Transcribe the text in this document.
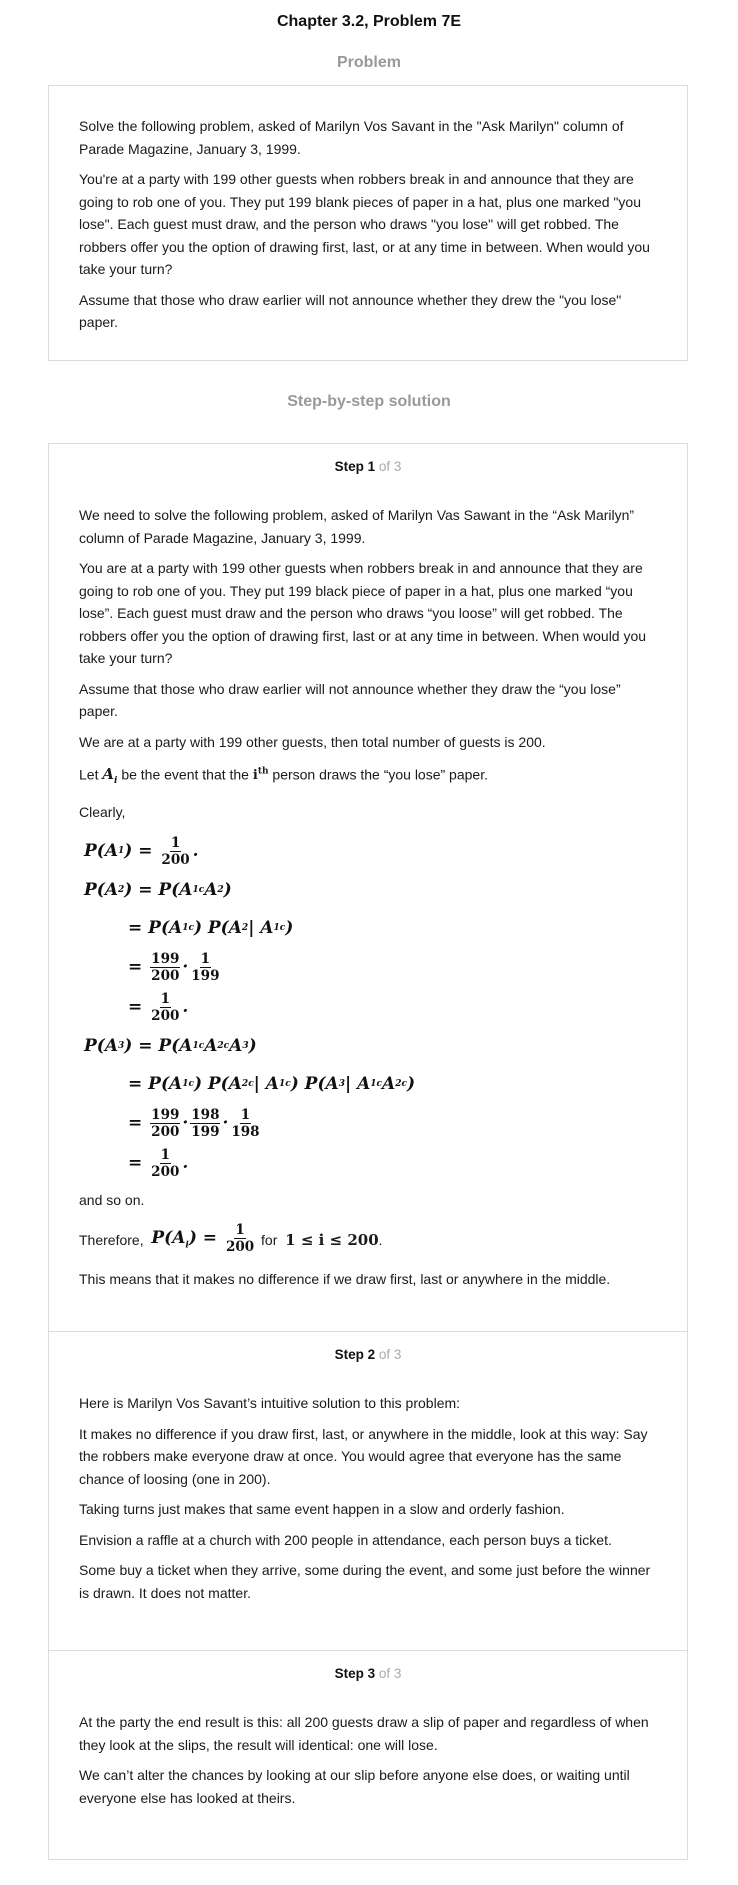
Chapter 3.2, Problem 7E
Problem

Solve the following problem, asked of Marilyn Vos Savant in the "Ask Marilyn" column of Parade Magazine, January 3, 1999.

You're at a party with 199 other guests when robbers break in and announce that they are going to rob one of you. They put 199 blank pieces of paper in a hat, plus one marked "you lose". Each guest must draw, and the person who draws "you lose" will get robbed. The robbers offer you the option of drawing first, last, or at any time in between. When would you take your turn?

Assume that those who draw earlier will not announce whether they drew the "you lose" paper.

Step-by-step solution
Step 1 of 3

We need to solve the following problem, asked of Marilyn Vas Sawant in the “Ask Marilyn” column of Parade Magazine, January 3, 1999.

You are at a party with 199 other guests when robbers break in and announce that they are going to rob one of you. They put 199 black piece of paper in a hat, plus one marked “you lose”. Each guest must draw and the person who draws “you loose” will get robbed. The robbers offer you the option of drawing first, last or at any time in between. When would you take your turn?

Assume that those who draw earlier will not announce whether they draw the “you lose” paper.

We are at a party with 199 other guests, then total number of guests is 200.

Let $A_i$ be the event that the $i^{th}$ person draws the “you lose” paper.

Clearly,

P(A 1 ) = $\frac{1}{200}$ .
P(A 2 ) = P(A 1 c A 2 )
= P(A 1 c ) P(A 2 | A 1 c )
= $\frac{199}{200} \cdot \frac{1}{199}$
= $\frac{1}{200}$ .
P(A 3 ) = P(A 1 c A 2 c A 3 )
= P(A 1 c ) P(A 2 c | A 1 c ) P(A 3 | A 1 c A 2 c )
= $\frac{199}{200} \cdot \frac{198}{199} \cdot \frac{1}{198}$
= $\frac{1}{200}$ .

and so on.

Therefore,
$P(A_i) = \frac{1}{200}$
for
1 ≤ i ≤ 200 .

This means that it makes no difference if we draw first, last or anywhere in the middle.

Step 2 of 3

Here is Marilyn Vos Savant’s intuitive solution to this problem:

It makes no difference if you draw first, last, or anywhere in the middle, look at this way: Say the robbers make everyone draw at once. You would agree that everyone has the same chance of loosing (one in 200).

Taking turns just makes that same event happen in a slow and orderly fashion.

Envision a raffle at a church with 200 people in attendance, each person buys a ticket.

Some buy a ticket when they arrive, some during the event, and some just before the winner is drawn. It does not matter.

Step 3 of 3

At the party the end result is this: all 200 guests draw a slip of paper and regardless of when they look at the slips, the result will identical: one will lose.

We can’t alter the chances by looking at our slip before anyone else does, or waiting until everyone else has looked at theirs.
